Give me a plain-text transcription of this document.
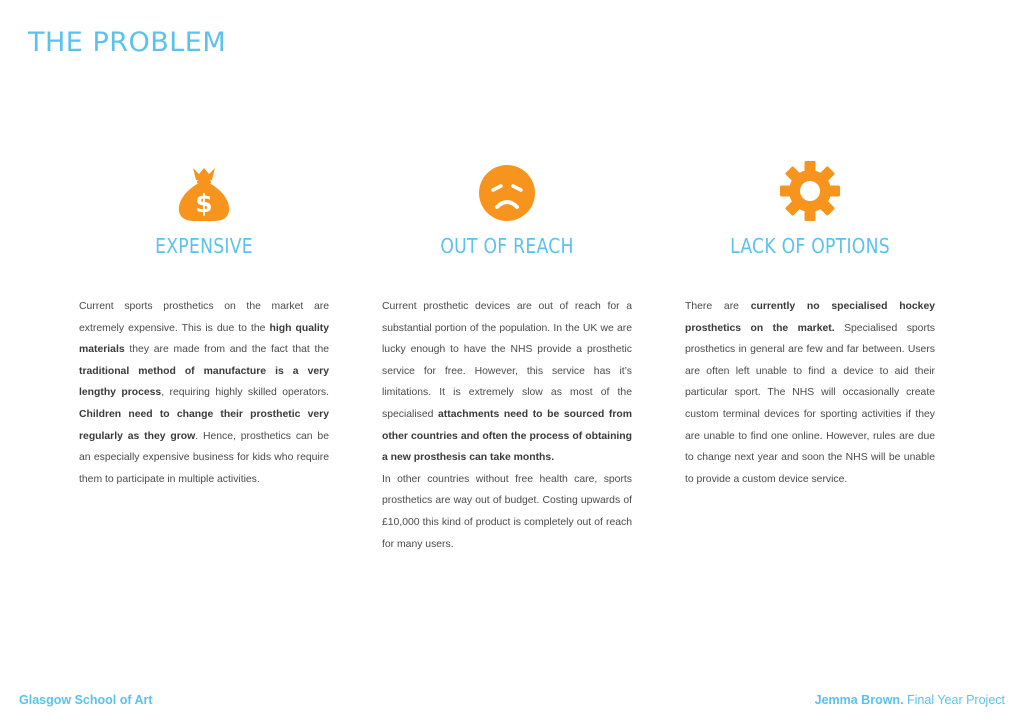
THE PROBLEM
$
EXPENSIVE

Current sports prosthetics on the market are extremely expensive. This is due to the high quality materials they are made from and the fact that the traditional method of manufacture is a very lengthy process, requiring highly skilled operators. Children need to change their prosthetic very regularly as they grow. Hence, prosthetics can be an especially expensive business for kids who require them to participate in multiple activities.

OUT OF REACH

Current prosthetic devices are out of reach for a substantial portion of the population. In the UK we are lucky enough to have the NHS provide a prosthetic service for free. However, this service has it’s limitations. It is extremely slow as most of the specialised attachments need to be sourced from other countries and often the process of obtaining a new prosthesis can take months.

In other countries without free health care, sports prosthetics are way out of budget. Costing upwards of £10,000 this kind of product is completely out of reach for many users.

LACK OF OPTIONS

There are currently no specialised hockey prosthetics on the market. Specialised sports prosthetics in general are few and far between. Users are often left unable to find a device to aid their particular sport. The NHS will occasionally create custom terminal devices for sporting activities if they are unable to find one online. However, rules are due to change next year and soon the NHS will be unable to provide a custom device service.

Glasgow School of Art	Jemma Brown. Final Year Project
